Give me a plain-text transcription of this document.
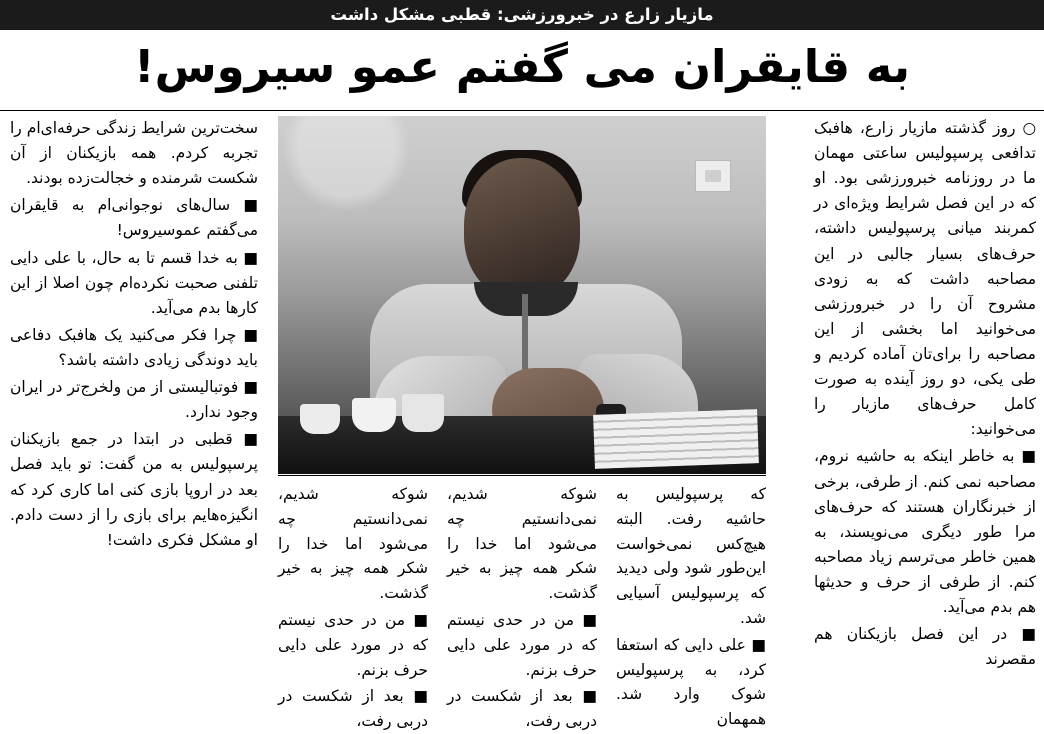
مازیار زارع در خبرورزشی: قطبی مشکل داشت
به قایقران می گفتم عمو سیروس!

○ روز گذشته مازیار زارع، هافبک تدافعی پرسپولیس ساعتی مهمان ما در روزنامه خبرورزشی بود. او که در این فصل شرایط ویژه‌ای در کمربند میانی پرسپولیس داشته، حرف‌های بسیار جالبی در این مصاحبه داشت که به زودی مشروح آن را در خبرورزشی می‌خوانید اما بخشی از این مصاحبه را برای‌تان آماده کردیم و طی یکی، دو روز آینده به صورت کامل حرف‌های مازیار را می‌خوانید:

■ به خاطر اینکه به حاشیه نروم، مصاحبه نمی کنم. از طرفی، برخی از خبرنگاران هستند که حرف‌های مرا طور دیگری می‌نویسند، به همین خاطر می‌ترسم زیاد مصاحبه کنم. از طرفی از حرف و حدیثها هم بدم می‌آید.

■ در این فصل بازیکنان هم مقصرند

سخت‌ترین شرایط زندگی حرفه‌ای‌ام را تجربه کردم. همه بازیکنان از آن شکست شرمنده و خجالت‌زده بودند.

■ سال‌های نوجوانی‌ام به قایقران می‌گفتم عموسیروس!

■ به خدا قسم تا به حال، با علی دایی تلفنی صحبت نکرده‌ام چون اصلا از این کارها بدم می‌آید.

■ چرا فکر می‌کنید یک هافبک دفاعی باید دوندگی زیادی داشته باشد؟

■ فوتبالیستی از من ولخرج‌تر در ایران وجود ندارد.

■ قطبی در ابتدا در جمع بازیکنان پرسپولیس به من گفت: تو باید فصل بعد در اروپا بازی کنی اما کاری کرد که انگیزه‌هایم برای بازی را از دست دادم. او مشکل فکری داشت!

که پرسپولیس به حاشیه رفت. البته هیچ‌کس نمی‌خواست این‌طور شود ولی دیدید که پرسپولیس آسیایی شد.

■ علی دایی که استعفا کرد، به پرسپولیس شوک وارد شد. همهمان

شوکه شدیم، نمی‌دانستیم چه می‌شود اما خدا را شکر همه چیز به خیر گذشت.

■ من در حدی نیستم که در مورد علی دایی حرف بزنم.

■ بعد از شکست در دربی رفت،

شوکه شدیم، نمی‌دانستیم چه می‌شود اما خدا را شکر همه چیز به خیر گذشت.

■ من در حدی نیستم که در مورد علی دایی حرف بزنم.

■ بعد از شکست در دربی رفت،
